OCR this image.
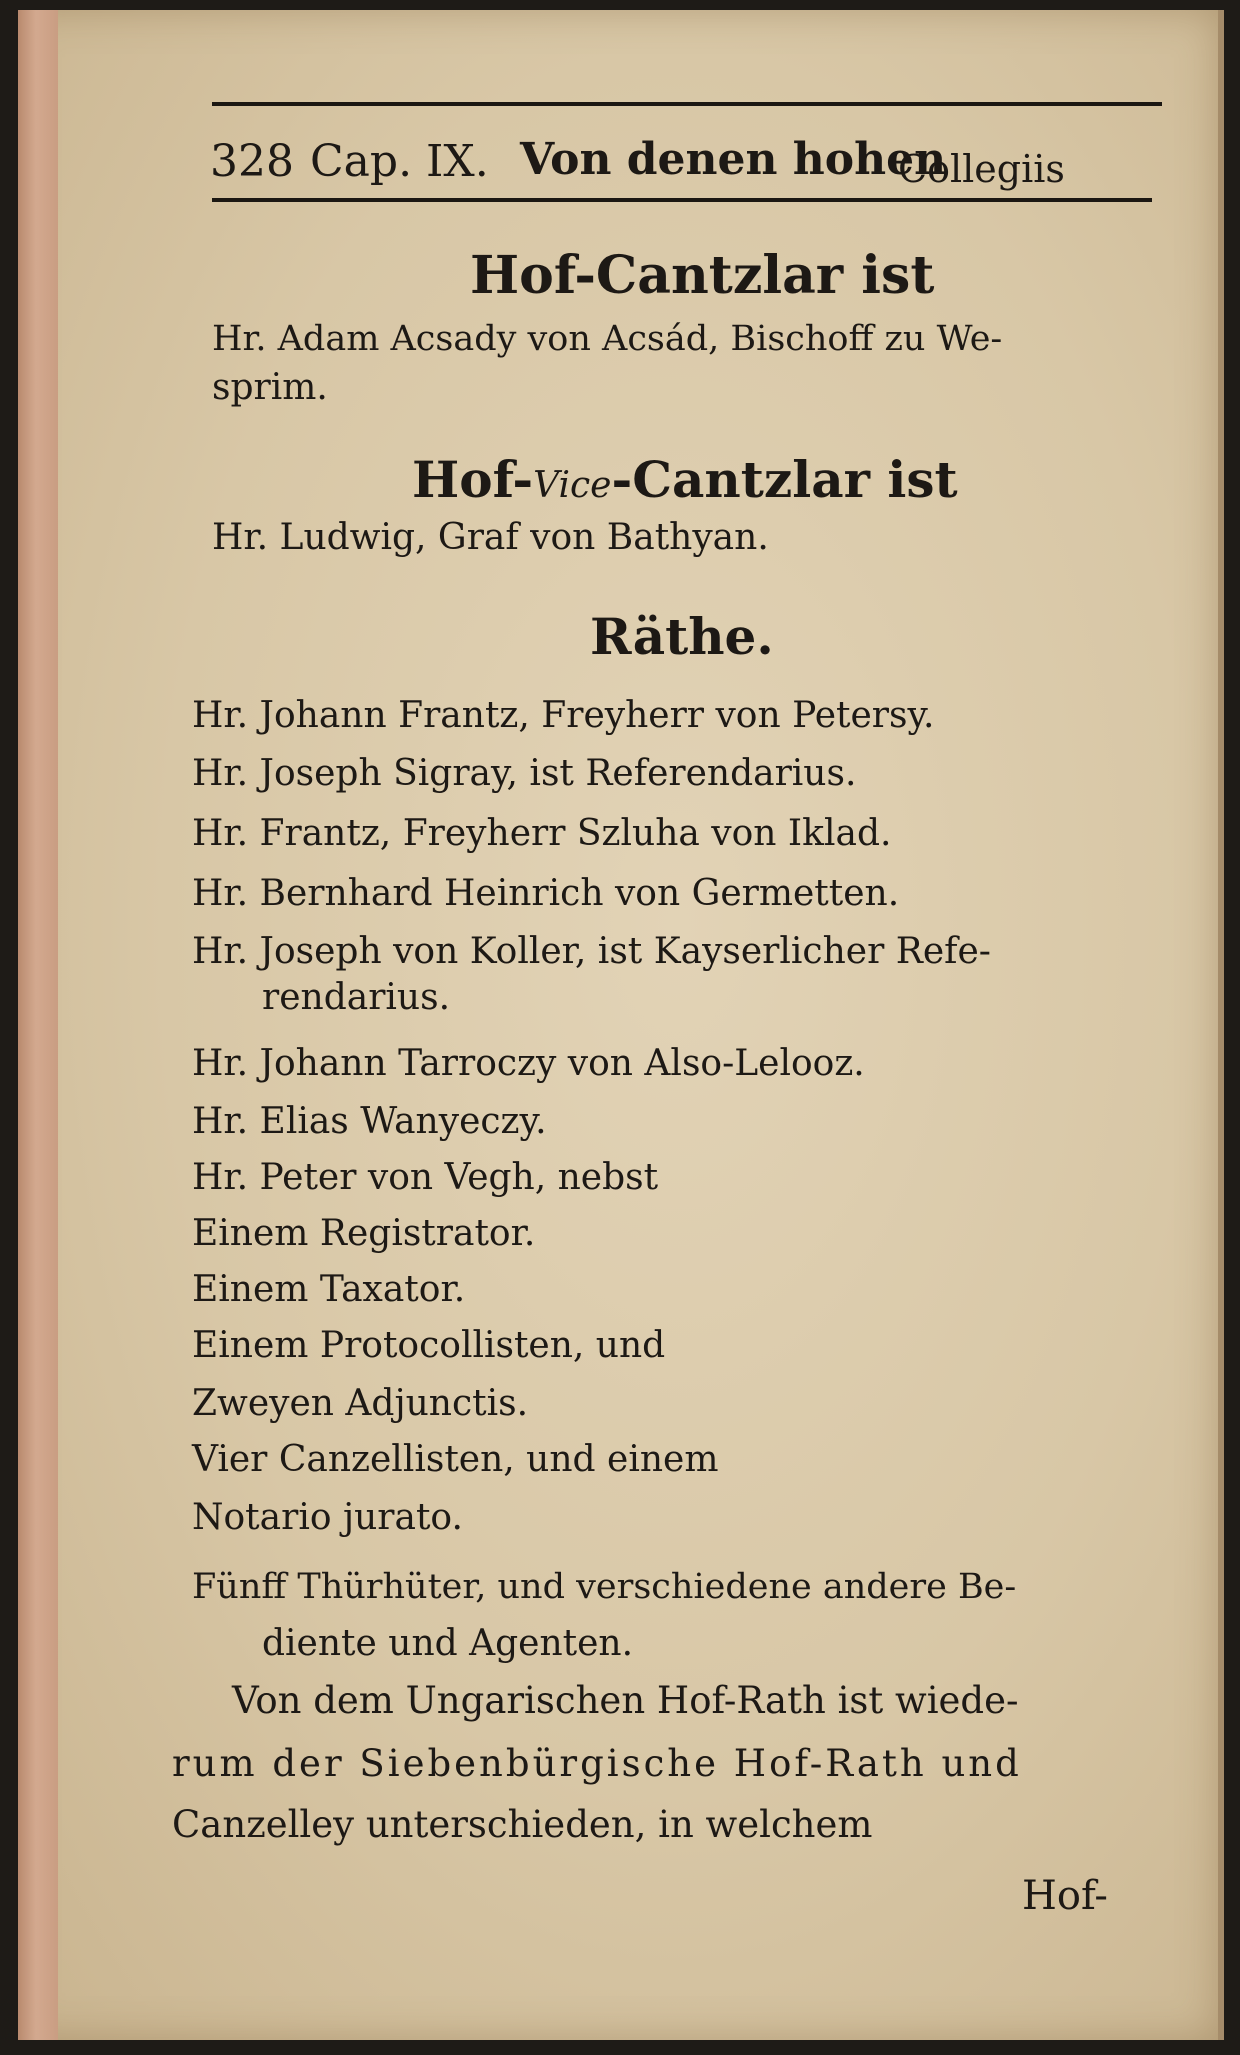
328 Cap. IX. Von denen hohen
Collegiis
Hof-Cantzlar ist
Hr. Adam Acsady von Acsád, Bischoff zu We-
sprim.
Hof-Vice-Cantzlar ist
Hr. Ludwig, Graf von Bathyan.
Räthe.
Hr. Johann Frantz, Freyherr von Petersy.
Hr. Joseph Sigray, ist Referendarius.
Hr. Frantz, Freyherr Szluha von Iklad.
Hr. Bernhard Heinrich von Germetten.
Hr. Joseph von Koller, ist Kayserlicher Refe-
rendarius.
Hr. Johann Tarroczy von Also-Lelooz.
Hr. Elias Wanyeczy.
Hr. Peter von Vegh, nebst
Einem Registrator.
Einem Taxator.
Einem Protocollisten, und
Zweyen Adjunctis.
Vier Canzellisten, und einem
Notario jurato.
Fünff Thürhüter, und verschiedene andere Be-
diente und Agenten.
Von dem Ungarischen Hof-Rath ist wiede-
rum der Siebenbürgische Hof-Rath und
Canzelley unterschieden, in welchem
Hof-
